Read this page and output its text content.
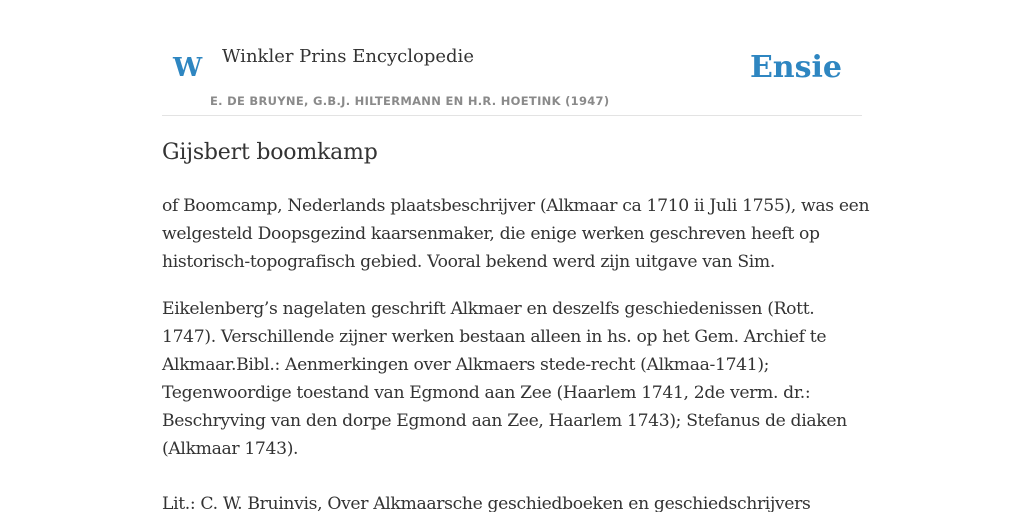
W Winkler Prins Encyclopedie
E. DE BRUYNE, G.B.J. HILTERMANN EN H.R. HOETINK (1947)
Ensie
Gijsbert boomkamp

of Boomcamp, Nederlands plaatsbeschrijver (Alkmaar ca 1710 ii Juli 1755), was een welgesteld Doopsgezind kaarsenmaker, die enige werken geschreven heeft op historisch-topografisch gebied. Vooral bekend werd zijn uitgave van Sim.

Eikelenberg’s nagelaten geschrift Alkmaer en deszelfs geschiedenissen (Rott. 1747). Verschillende zijner werken bestaan alleen in hs. op het Gem. Archief te Alkmaar.Bibl.: Aenmerkingen over Alkmaers stede-recht (Alkmaa-1741); Tegenwoordige toestand van Egmond aan Zee (Haarlem 1741, 2de verm. dr.: Beschryving van den dorpe Egmond aan Zee, Haarlem 1743); Stefanus de diaken (Alkmaar 1743).

Lit.: C. W. Bruinvis, Over Alkmaarsche geschiedboeken en geschiedschrijvers
